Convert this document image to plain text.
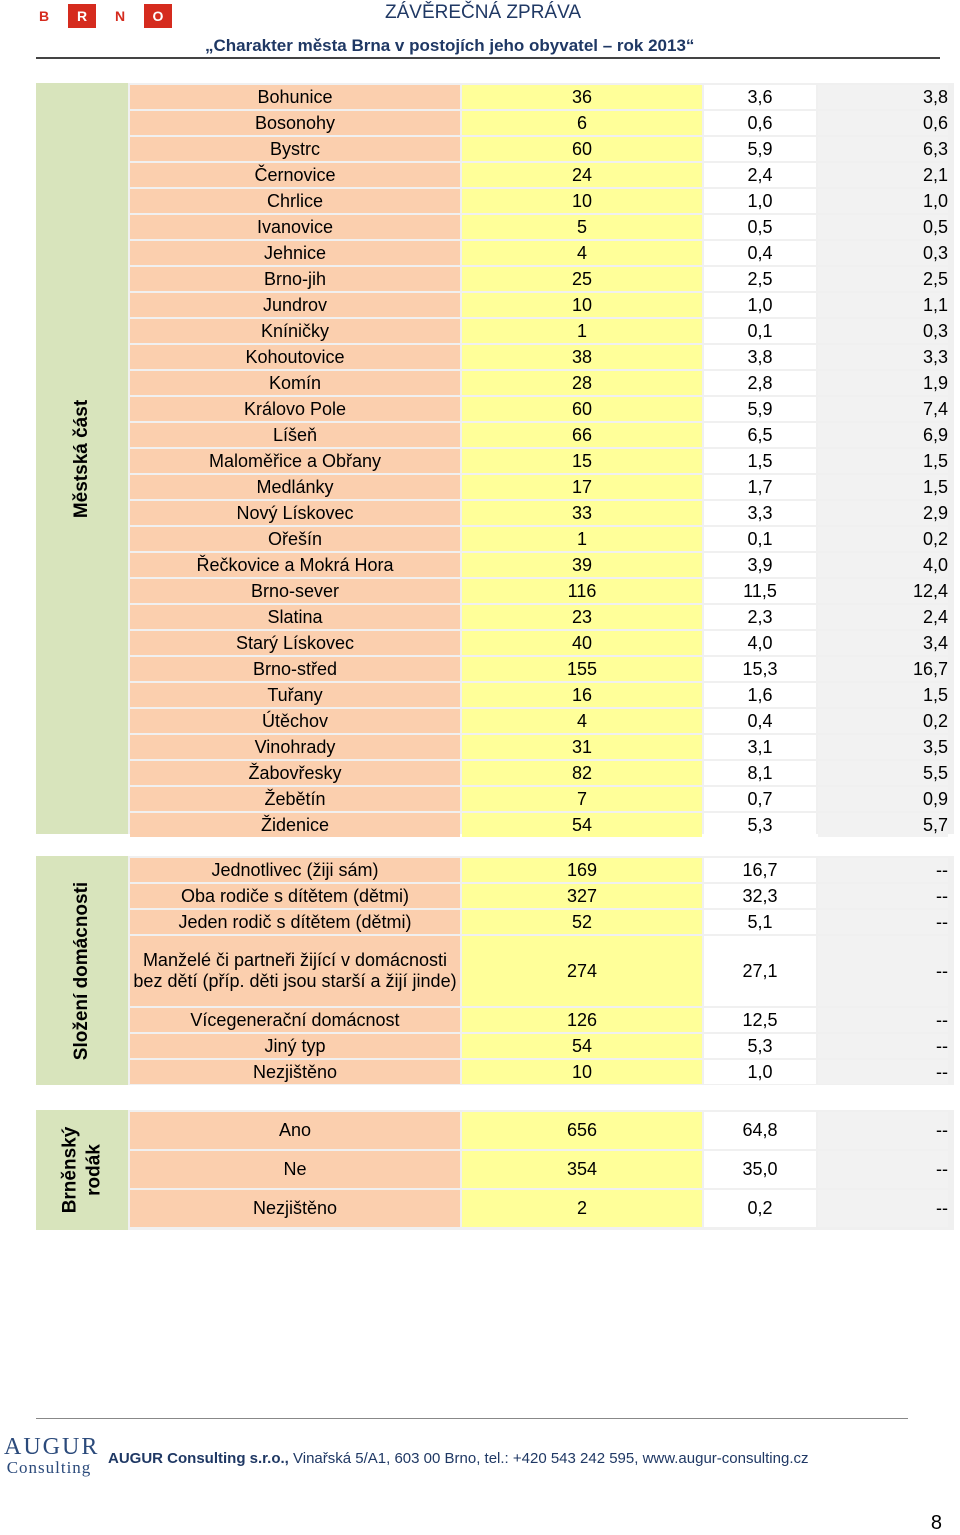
B	R	N	O	ZÁVĚREČNÁ ZPRÁVA
„Charakter města Brna v postojích jeho obyvatel – rok 2013“
Městská část
Bohunice	36	3,6	3,8
Bosonohy	6	0,6	0,6
Bystrc	60	5,9	6,3
Černovice	24	2,4	2,1
Chrlice	10	1,0	1,0
Ivanovice	5	0,5	0,5
Jehnice	4	0,4	0,3
Brno-jih	25	2,5	2,5
Jundrov	10	1,0	1,1
Kníničky	1	0,1	0,3
Kohoutovice	38	3,8	3,3
Komín	28	2,8	1,9
Královo Pole	60	5,9	7,4
Líšeň	66	6,5	6,9
Maloměřice a Obřany	15	1,5	1,5
Medlánky	17	1,7	1,5
Nový Lískovec	33	3,3	2,9
Ořešín	1	0,1	0,2
Řečkovice a Mokrá Hora	39	3,9	4,0
Brno-sever	116	11,5	12,4
Slatina	23	2,3	2,4
Starý Lískovec	40	4,0	3,4
Brno-střed	155	15,3	16,7
Tuřany	16	1,6	1,5
Útěchov	4	0,4	0,2
Vinohrady	31	3,1	3,5
Žabovřesky	82	8,1	5,5
Žebětín	7	0,7	0,9
Židenice	54	5,3	5,7
Složení domácnosti
Jednotlivec (žiji sám)	169	16,7	--
Oba rodiče s dítětem (dětmi)	327	32,3	--
Jeden rodič s dítětem (dětmi)	52	5,1	--
Manželé či partneři žijící v domácnosti bez dětí (příp. děti jsou starší a žijí jinde)	274	27,1	--
Vícegenerační domácnost	126	12,5	--
Jiný typ	54	5,3	--
Nezjištěno	10	1,0	--
Brněnský rodák
Ano	656	64,8	--
Ne	354	35,0	--
Nezjištěno	2	0,2	--
AUGUR
Consulting AUGUR Consulting s.r.o., Vinařská 5/A1, 603 00 Brno, tel.: +420 543 242 595, www.augur-consulting.cz
8
